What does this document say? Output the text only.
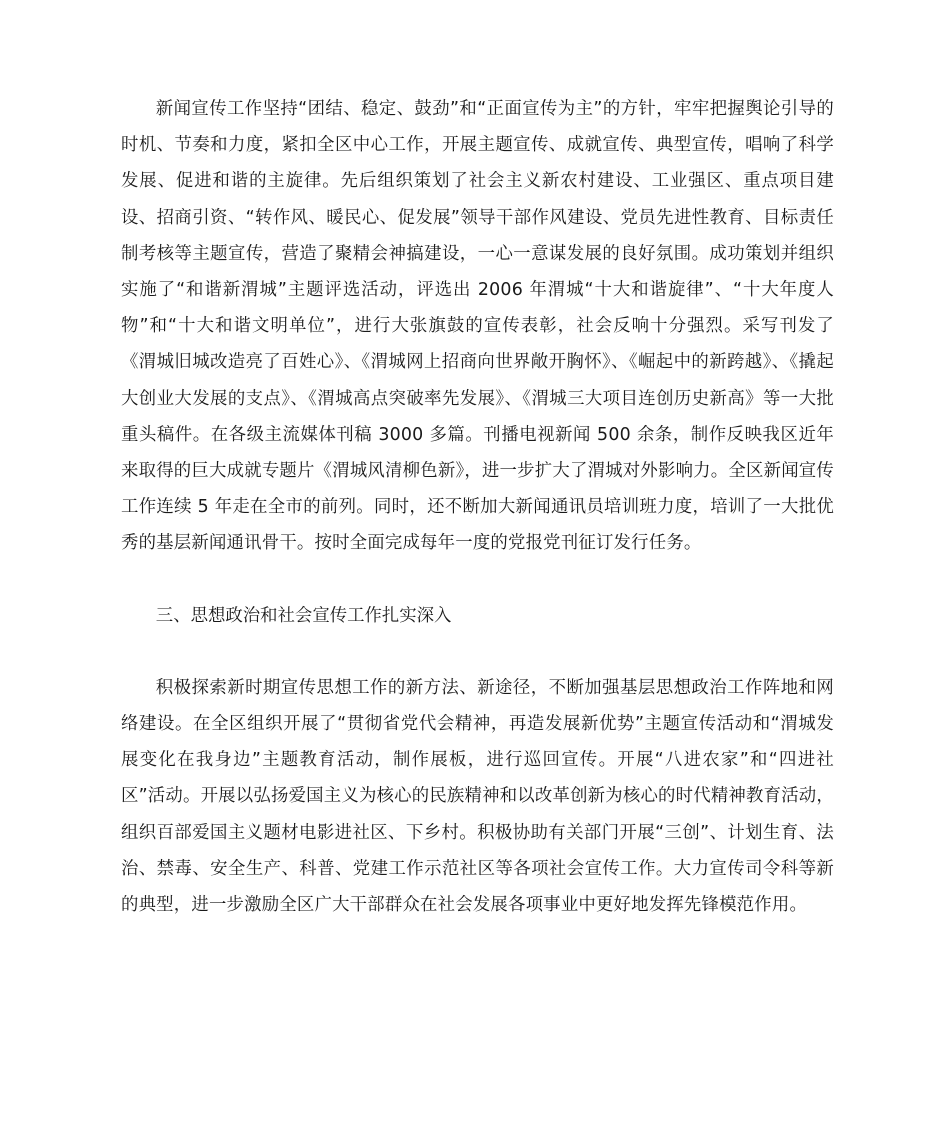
新闻宣传工作坚持“团结、稳定、鼓劲”和“正面宣传为主”的方针，牢牢把握舆论引导的时机、节奏和力度，紧扣全区中心工作，开展主题宣传、成就宣传、典型宣传，唱响了科学发展、促进和谐的主旋律。先后组织策划了社会主义新农村建设、工业强区、重点项目建设、招商引资、“转作风、暖民心、促发展”领导干部作风建设、党员先进性教育、目标责任制考核等主题宣传，营造了聚精会神搞建设，一心一意谋发展的良好氛围。成功策划并组织实施了“和谐新渭城”主题评选活动，评选出 2006 年渭城“十大和谐旋律”、“十大年度人物”和“十大和谐文明单位”，进行大张旗鼓的宣传表彰，社会反响十分强烈。采写刊发了《渭城旧城改造亮了百姓心》、《渭城网上招商向世界敞开胸怀》、《崛起中的新跨越》、《撬起大创业大发展的支点》、《渭城高点突破率先发展》、《渭城三大项目连创历史新高》等一大批重头稿件。在各级主流媒体刊稿 3000 多篇。刊播电视新闻 500 余条，制作反映我区近年来取得的巨大成就专题片《渭城风清柳色新》，进一步扩大了渭城对外影响力。全区新闻宣传工作连续 5 年走在全市的前列。同时，还不断加大新闻通讯员培训班力度，培训了一大批优秀的基层新闻通讯骨干。按时全面完成每年一度的党报党刊征订发行任务。

三、思想政治和社会宣传工作扎实深入

积极探索新时期宣传思想工作的新方法、新途径，不断加强基层思想政治工作阵地和网络建设。在全区组织开展了“贯彻省党代会精神，再造发展新优势”主题宣传活动和“渭城发展变化在我身边”主题教育活动，制作展板，进行巡回宣传。开展“八进农家”和“四进社区”活动。开展以弘扬爱国主义为核心的民族精神和以改革创新为核心的时代精神教育活动，组织百部爱国主义题材电影进社区、下乡村。积极协助有关部门开展“三创”、计划生育、法治、禁毒、安全生产、科普、党建工作示范社区等各项社会宣传工作。大力宣传司令科等新的典型，进一步激励全区广大干部群众在社会发展各项事业中更好地发挥先锋模范作用。
